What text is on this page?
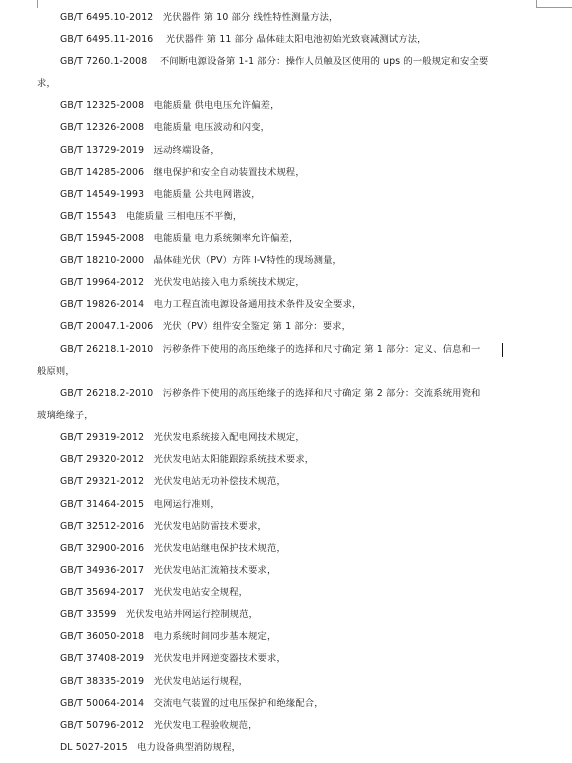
GB/T 6495.10-2012　光伏器件 第 10 部分 线性特性测量方法，
GB/T 6495.11-2016　 光伏器件 第 11 部分 晶体硅太阳电池初始光致衰减测试方法，
GB/T 7260.1-2008　 不间断电源设备第 1-1 部分：操作人员触及区使用的 ups 的一般规定和安全要
求，
GB/T 12325-2008　电能质量 供电电压允许偏差，
GB/T 12326-2008　电能质量 电压波动和闪变，
GB/T 13729-2019　远动终端设备，
GB/T 14285-2006　继电保护和安全自动装置技术规程，
GB/T 14549-1993　电能质量 公共电网谐波，
GB/T 15543　电能质量 三相电压不平衡，
GB/T 15945-2008　电能质量 电力系统频率允许偏差，
GB/T 18210-2000　晶体硅光伏（PV）方阵 I-V特性的现场测量，
GB/T 19964-2012　光伏发电站接入电力系统技术规定，
GB/T 19826-2014　电力工程直流电源设备通用技术条件及安全要求，
GB/T 20047.1-2006　光伏（PV）组件安全鉴定 第 1 部分：要求，
GB/T 26218.1-2010　污秽条件下使用的高压绝缘子的选择和尺寸确定 第 1 部分：定义、信息和一
般原则，
GB/T 26218.2-2010　污秽条件下使用的高压绝缘子的选择和尺寸确定 第 2 部分：交流系统用瓷和
玻璃绝缘子，
GB/T 29319-2012　光伏发电系统接入配电网技术规定，
GB/T 29320-2012　光伏发电站太阳能跟踪系统技术要求，
GB/T 29321-2012　光伏发电站无功补偿技术规范，
GB/T 31464-2015　电网运行准则，
GB/T 32512-2016　光伏发电站防雷技术要求，
GB/T 32900-2016　光伏发电站继电保护技术规范，
GB/T 34936-2017　光伏发电站汇流箱技术要求，
GB/T 35694-2017　光伏发电站安全规程，
GB/T 33599　光伏发电站并网运行控制规范，
GB/T 36050-2018　电力系统时间同步基本规定，
GB/T 37408-2019　光伏发电并网逆变器技术要求，
GB/T 38335-2019　光伏发电站运行规程，
GB/T 50064-2014　交流电气装置的过电压保护和绝缘配合，
GB/T 50796-2012　光伏发电工程验收规范，
DL 5027-2015　电力设备典型消防规程，
